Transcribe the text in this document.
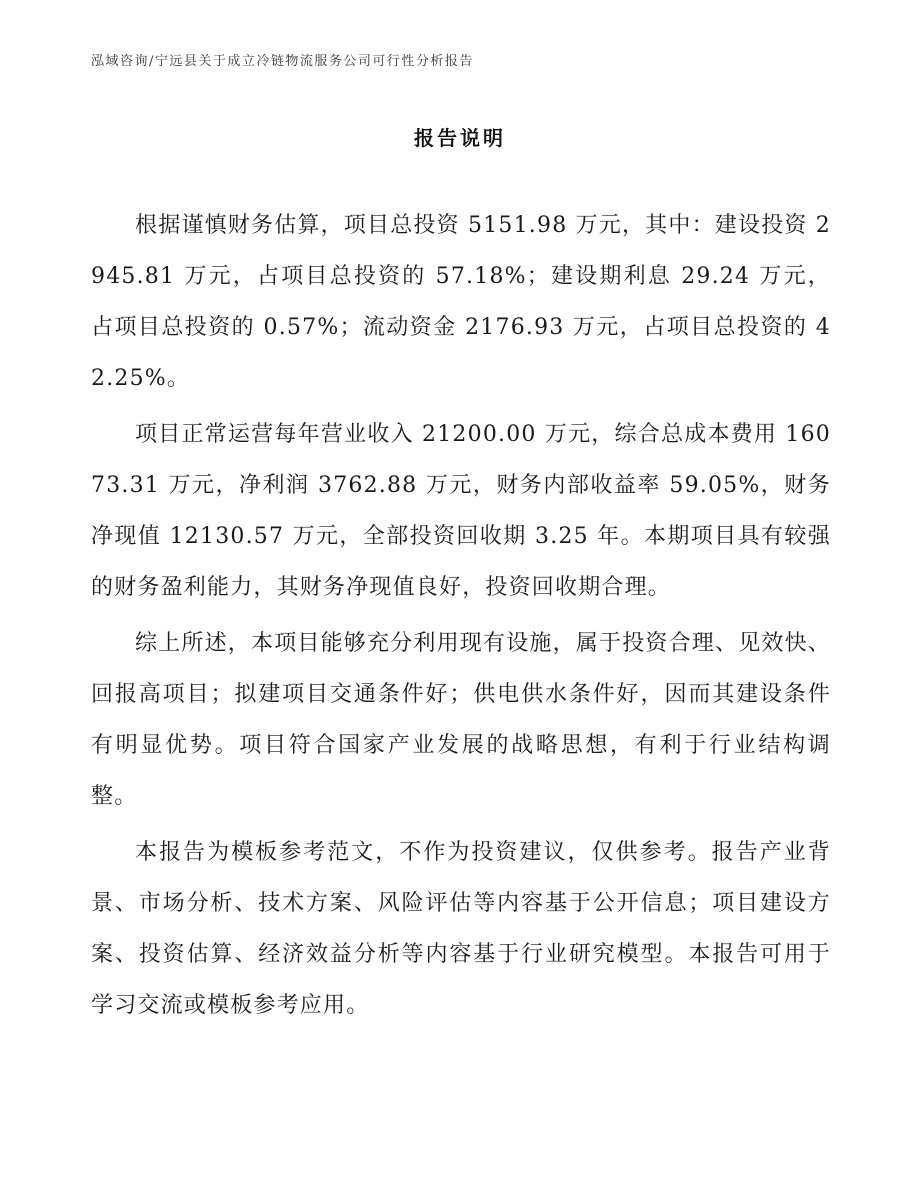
泓域咨询/宁远县关于成立冷链物流服务公司可行性分析报告
报告说明

根据谨慎财务估算，项目总投资 5151.98 万元，其中：建设投资 2945.81 万元，占项目总投资的 57.18%；建设期利息 29.24 万元，占项目总投资的 0.57%；流动资金 2176.93 万元，占项目总投资的 42.25%。

项目正常运营每年营业收入 21200.00 万元，综合总成本费用 16073.31 万元，净利润 3762.88 万元，财务内部收益率 59.05%，财务净现值 12130.57 万元，全部投资回收期 3.25 年。本期项目具有较强的财务盈利能力，其财务净现值良好，投资回收期合理。

综上所述，本项目能够充分利用现有设施，属于投资合理、见效快、回报高项目；拟建项目交通条件好；供电供水条件好，因而其建设条件有明显优势。项目符合国家产业发展的战略思想，有利于行业结构调整。

本报告为模板参考范文，不作为投资建议，仅供参考。报告产业背景、市场分析、技术方案、风险评估等内容基于公开信息；项目建设方案、投资估算、经济效益分析等内容基于行业研究模型。本报告可用于学习交流或模板参考应用。
